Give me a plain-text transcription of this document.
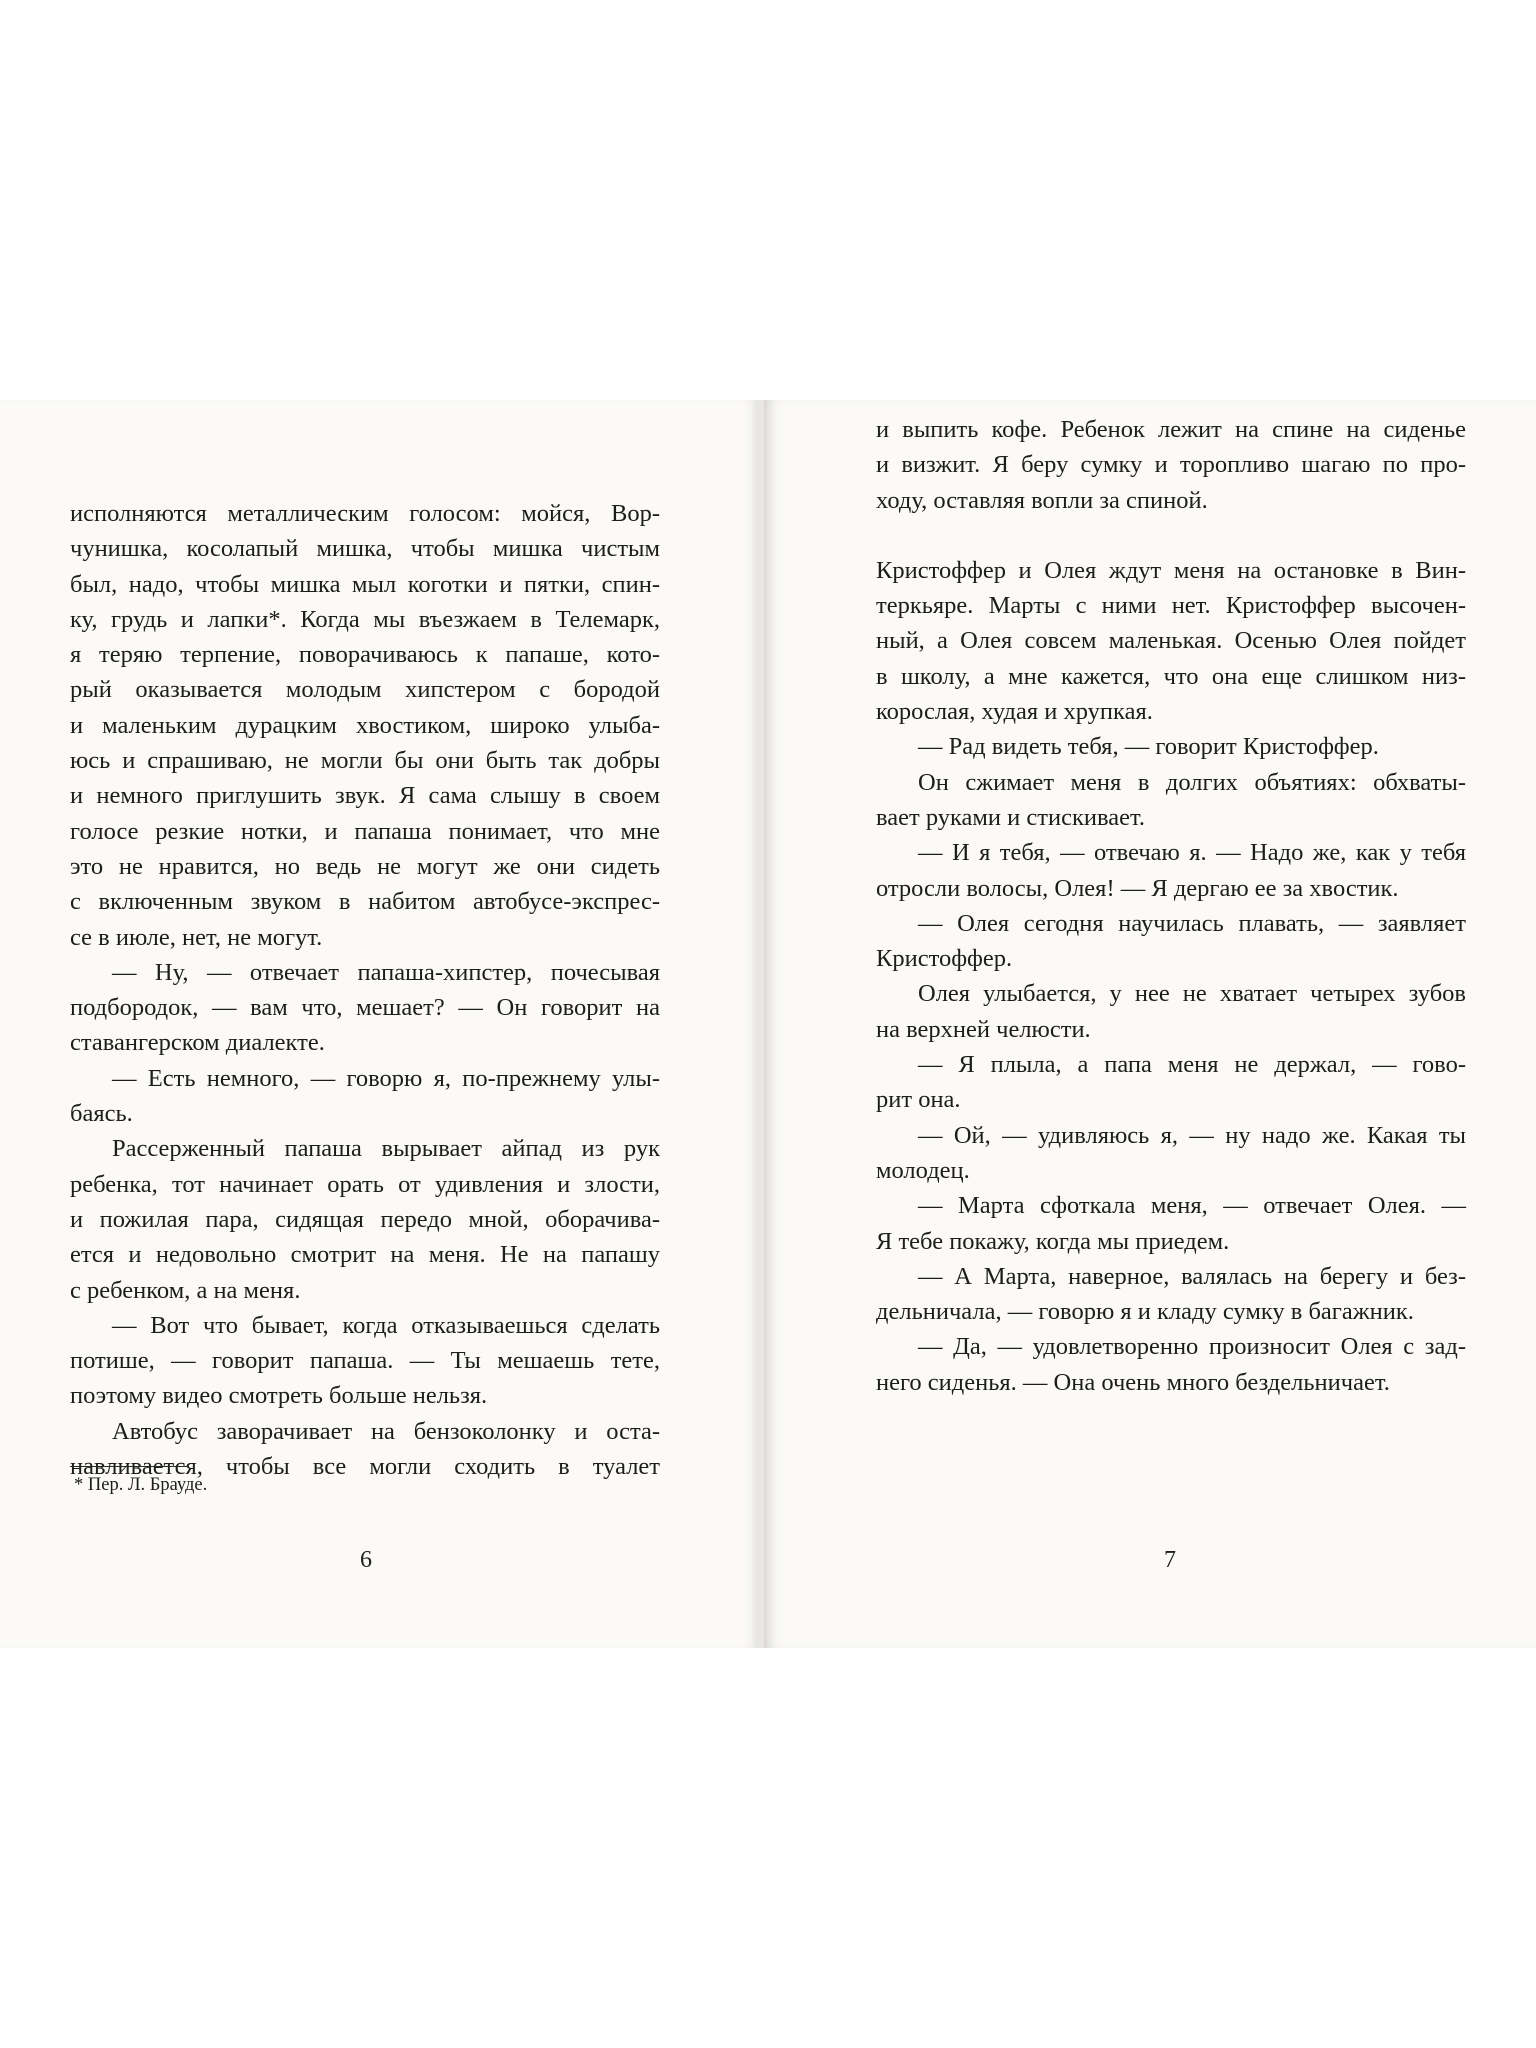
исполняются металлическим голосом: мойся, Вор-
чунишка, косолапый мишка, чтобы мишка чистым
был, надо, чтобы мишка мыл коготки и пятки, спин-
ку, грудь и лапки*. Когда мы въезжаем в Телемарк,
я теряю терпение, поворачиваюсь к папаше, кото-
рый оказывается молодым хипстером с бородой
и маленьким дурацким хвостиком, широко улыба-
юсь и спрашиваю, не могли бы они быть так добры
и немного приглушить звук. Я сама слышу в своем
голосе резкие нотки, и папаша понимает, что мне
это не нравится, но ведь не могут же они сидеть
с включенным звуком в набитом автобусе-экспрес-
се в июле, нет, не могут.
— Ну, — отвечает папаша-хипстер, почесывая
подбородок, — вам что, мешает? — Он говорит на
ставангерском диалекте.
— Есть немного, — говорю я, по-прежнему улы-
баясь.
Рассерженный папаша вырывает айпад из рук
ребенка, тот начинает орать от удивления и злости,
и пожилая пара, сидящая передо мной, оборачива-
ется и недовольно смотрит на меня. Не на папашу
с ребенком, а на меня.
— Вот что бывает, когда отказываешься сделать
потише, — говорит папаша. — Ты мешаешь тете,
поэтому видео смотреть больше нельзя.
Автобус заворачивает на бензоколонку и оста-
навливается, чтобы все могли сходить в туалет
* Пер. Л. Брауде.
6
и выпить кофе. Ребенок лежит на спине на сиденье
и визжит. Я беру сумку и торопливо шагаю по про-
ходу, оставляя вопли за спиной.
Кристоффер и Олея ждут меня на остановке в Вин-
теркьяре. Марты с ними нет. Кристоффер высочен-
ный, а Олея совсем маленькая. Осенью Олея пойдет
в школу, а мне кажется, что она еще слишком низ-
корослая, худая и хрупкая.
— Рад видеть тебя, — говорит Кристоффер.
Он сжимает меня в долгих объятиях: обхваты-
вает руками и стискивает.
— И я тебя, — отвечаю я. — Надо же, как у тебя
отросли волосы, Олея! — Я дергаю ее за хвостик.
— Олея сегодня научилась плавать, — заявляет
Кристоффер.
Олея улыбается, у нее не хватает четырех зубов
на верхней челюсти.
— Я плыла, а папа меня не держал, — гово-
рит она.
— Ой, — удивляюсь я, — ну надо же. Какая ты
молодец.
— Марта сфоткала меня, — отвечает Олея. —
Я тебе покажу, когда мы приедем.
— А Марта, наверное, валялась на берегу и без-
дельничала, — говорю я и кладу сумку в багажник.
— Да, — удовлетворенно произносит Олея с зад-
него сиденья. — Она очень много бездельничает.
7
